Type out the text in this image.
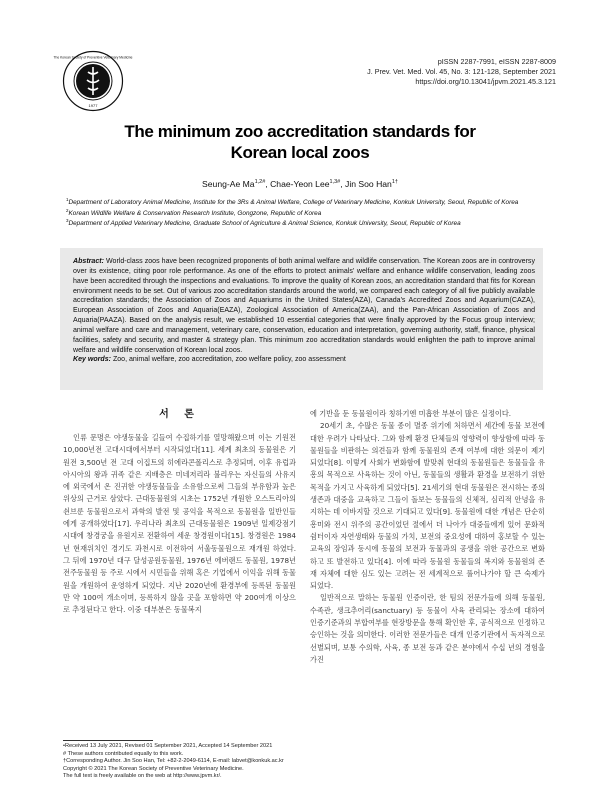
The Korean Society of Preventive Veterinary Medicine
1977
pISSN 2287-7991, eISSN 2287-8009
J. Prev. Vet. Med. Vol. 45, No. 3: 121-128, September 2021
https://doi.org/10.13041/jpvm.2021.45.3.121
The minimum zoo accreditation standards for
Korean local zoos
Seung-Ae $Ma^{1,2\#}$, Chae-Yeon Lee$^{1,3\#}$, Jin Soo Han$^{1\dagger}$
$^1$Department of Laboratory Animal Medicine, Institute for the 3Rs & Animal Welfare, College of Veterinary Medicine, Konkuk University, Seoul, Republic of Korea
$^2$Korean Wildlife Welfare & Conservation Research Institute, Gongzone, Republic of Korea
$^3$Department of Applied Veterinary Medicine, Graduate School of Agriculture & Animal Science, Konkuk University, Seoul, Republic of Korea
Abstract: World-class zoos have been recognized proponents of both animal welfare and wildlife conservation. The Korean zoos are in controversy over its existence, citing poor role performance. As one of the efforts to protect animals' welfare and enhance wildlife conservation, leading zoos have been accredited through the inspections and evaluations. To improve the quality of Korean zoos, an accreditation standard that fits for Korean environment needs to be set. Out of various zoo accreditation standards around the world, we compared each category of all five publicly available accreditation standards; the Association of Zoos and Aquariums in the United States(AZA), Canada's Accredited Zoos and Aquarium(CAZA), European Association of Zoos and Aquaria(EAZA), Zoological Association of America(ZAA), and the Pan-African Association of Zoos and Aquaria(PAAZA). Based on the analysis result, we established 10 essential categories that were finally approved by the Focus group interview; animal welfare and care and management, veterinary care, conservation, education and interpretation, governing authority, staff, finance, physical facilities, safety and security, and master & strategy plan. This minimum zoo accreditation standards would enlighten the path to improve animal welfare and wildlife conservation of Korean local zoos.
Key words: Zoo, animal welfare, zoo accreditation, zoo welfare policy, zoo assessment
서 론

인류 문명은 야생동물을 길들여 수집하기를 열망해왔으며 이는 기원전 10,000년전 고대시대에서부터 시작되었다[11]. 세계 최초의 동물원은 기원전 3,500년 전 고대 이집트의 히에라콘폴리스로 추정되며, 이후 유럽과 아시아의 왕과 귀족 같은 지배층은 미네저리라 불리우는 자신들의 사유지에 외국에서 온 진귀한 야생동물들을 소유함으로써 그들의 부유함과 높은 위상의 근거로 삼았다. 근대동물원의 시초는 1752년 개원한 오스트리아의 쇤브룬 동물원으로서 과학의 발전 및 공익을 목적으로 동물원을 일반인들에게 공개하였다[17]. 우리나라 최초의 근대동물원은 1909년 일제강점기 시대에 창경궁을 유원지로 전환하여 세운 창경원이다[15]. 창경원은 1984년 현재위치인 경기도 과천시로 이전하여 서울동물원으로 재개원 하였다. 그 뒤에 1970년 대구 달성공원동물원, 1976년 에버랜드 동물원, 1978년 전주동물원 등 주로 시에서 시민들을 위해 혹은 기업에서 이익을 위해 동물원을 개원하여 운영하게 되었다. 지난 2020년에 환경부에 등록된 동물원만 약 100여 개소이며, 등록하지 않을 곳을 포함하면 약 200여개 이상으로 추정된다고 한다. 이중 대부분은 동물복지

에 기반을 둔 동물원이라 칭하기엔 미흡한 부분이 많은 실정이다.

20세기 초, 수많은 동물 종이 멸종 위기에 처하면서 세간에 동물 보전에 대한 우려가 나타났다. 그와 함께 환경 단체들의 영향력이 향상함에 따라 동물원들을 비판하는 의견들과 함께 동물원의 존재 여부에 대한 의문이 제기되었다[8]. 이렇게 사회가 변화함에 발맞춰 현대의 동물원들은 동물들을 유흥의 목적으로 사육하는 것이 아닌, 동물들의 생활과 환경을 보전하기 위한 목적을 가지고 사육하게 되었다[5]. 21세기의 현대 동물원은 전시하는 종의 생존과 대중을 교육하고 그들이 돌보는 동물들의 신체적, 심리적 안녕을 유지하는 데 이바지할 것으로 기대되고 있다[9]. 동물원에 대한 개념은 단순히 흥미와 전시 위주의 공간이었던 절에서 더 나아가 대중들에게 있어 문화적 쉼터이자 자연생태와 동물의 가치, 보전의 중요성에 대하여 홍보할 수 있는 교육의 장임과 동시에 동물의 보전과 동물과의 공생을 위한 공간으로 변화하고 또 발전하고 있다[4]. 이에 따라 동물원 동물들의 복지와 동물원의 존재 자체에 대한 심도 있는 고려는 전 세계적으로 풀어나가야 할 큰 숙제가 되었다.

일반적으로 말하는 동물원 인증이란, 한 팀의 전문가들에 의해 동물원, 수족관, 생크추어리(sanctuary) 등 동물이 사육 관리되는 장소에 대하여 인증기준과의 부합여부를 현장방문을 통해 확인한 후, 공식적으로 인정하고 승인하는 것을 의미한다. 이러한 전문가들은 대개 인증기관에서 독자적으로 선별되며, 보통 수의학, 사육, 종 보전 등과 같은 분야에서 수십 년의 경험을 가진

•Received 13 July 2021, Revised 01 September 2021, Accepted 14 September 2021
# These authors contributed equally to this work.
†Corresponding Author. Jin Soo Han, Tel: +82-2-2049-6114, E-mail: labvet@konkuk.ac.kr
Copyright © 2021 The Korean Society of Preventive Veterinary Medicine.
The full text is freely available on the web at http://www.jpvm.kr/.
